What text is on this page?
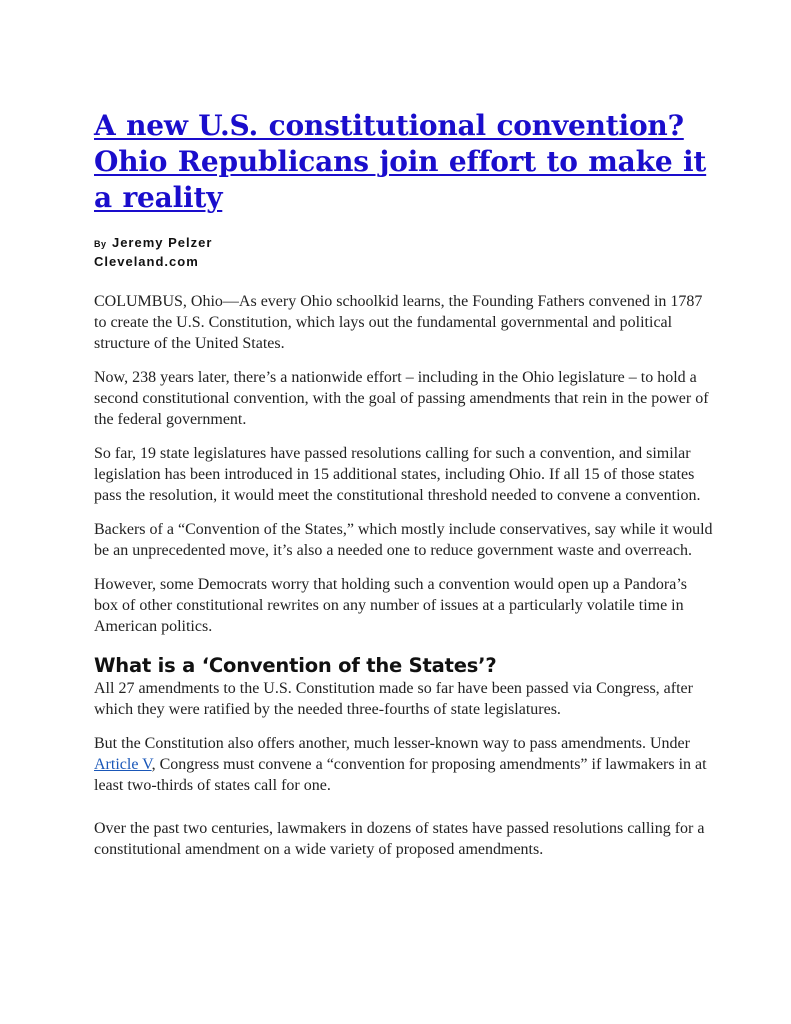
A new U.S. constitutional convention? Ohio Republicans join effort to make it a reality
By Jeremy Pelzer
Cleveland.com

COLUMBUS, Ohio—As every Ohio schoolkid learns, the Founding Fathers convened in 1787 to create the U.S. Constitution, which lays out the fundamental governmental and political structure of the United States.

Now, 238 years later, there’s a nationwide effort – including in the Ohio legislature – to hold a second constitutional convention, with the goal of passing amendments that rein in the power of the federal government.

So far, 19 state legislatures have passed resolutions calling for such a convention, and similar legislation has been introduced in 15 additional states, including Ohio. If all 15 of those states pass the resolution, it would meet the constitutional threshold needed to convene a convention.

Backers of a “Convention of the States,” which mostly include conservatives, say while it would be an unprecedented move, it’s also a needed one to reduce government waste and overreach.

However, some Democrats worry that holding such a convention would open up a Pandora’s box of other constitutional rewrites on any number of issues at a particularly volatile time in American politics.

What is a ‘Convention of the States’?

All 27 amendments to the U.S. Constitution made so far have been passed via Congress, after which they were ratified by the needed three-fourths of state legislatures.

But the Constitution also offers another, much lesser-known way to pass amendments. Under Article V, Congress must convene a “convention for proposing amendments” if lawmakers in at least two-thirds of states call for one.

Over the past two centuries, lawmakers in dozens of states have passed resolutions calling for a constitutional amendment on a wide variety of proposed amendments.
